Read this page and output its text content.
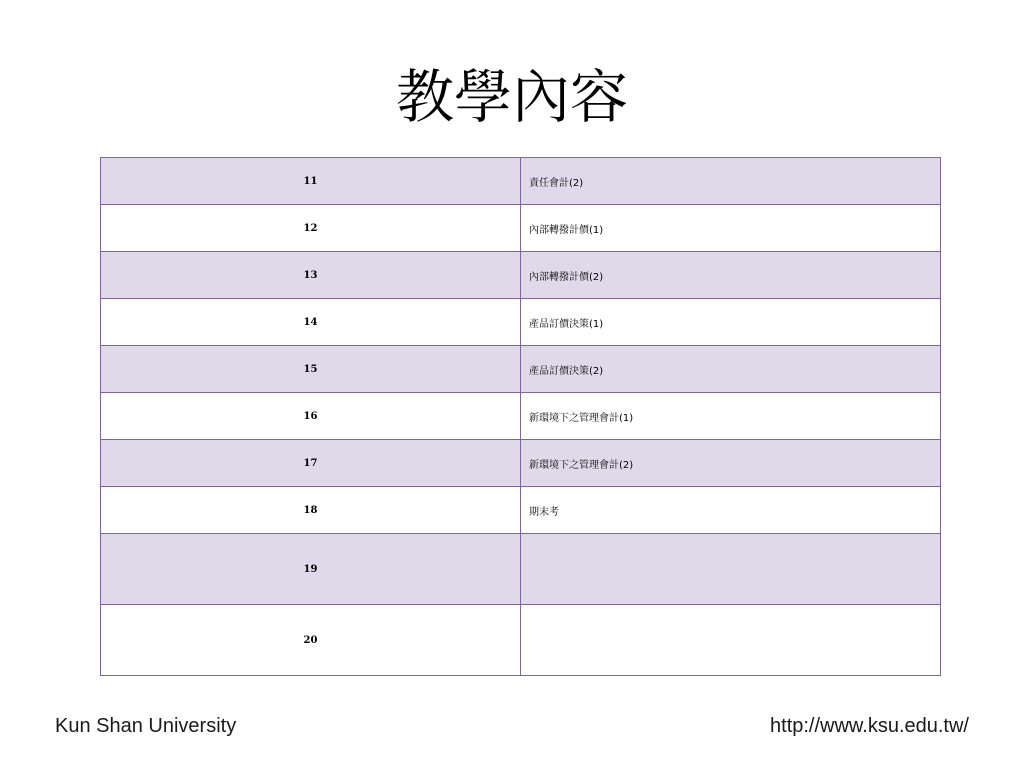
教學內容
11	責任會計(2)
12	內部轉撥計價(1)
13	內部轉撥計價(2)
14	產品訂價決策(1)
15	產品訂價決策(2)
16	新環境下之管理會計(1)
17	新環境下之管理會計(2)
18	期末考
19	
20	
Kun Shan University	http://www.ksu.edu.tw/
